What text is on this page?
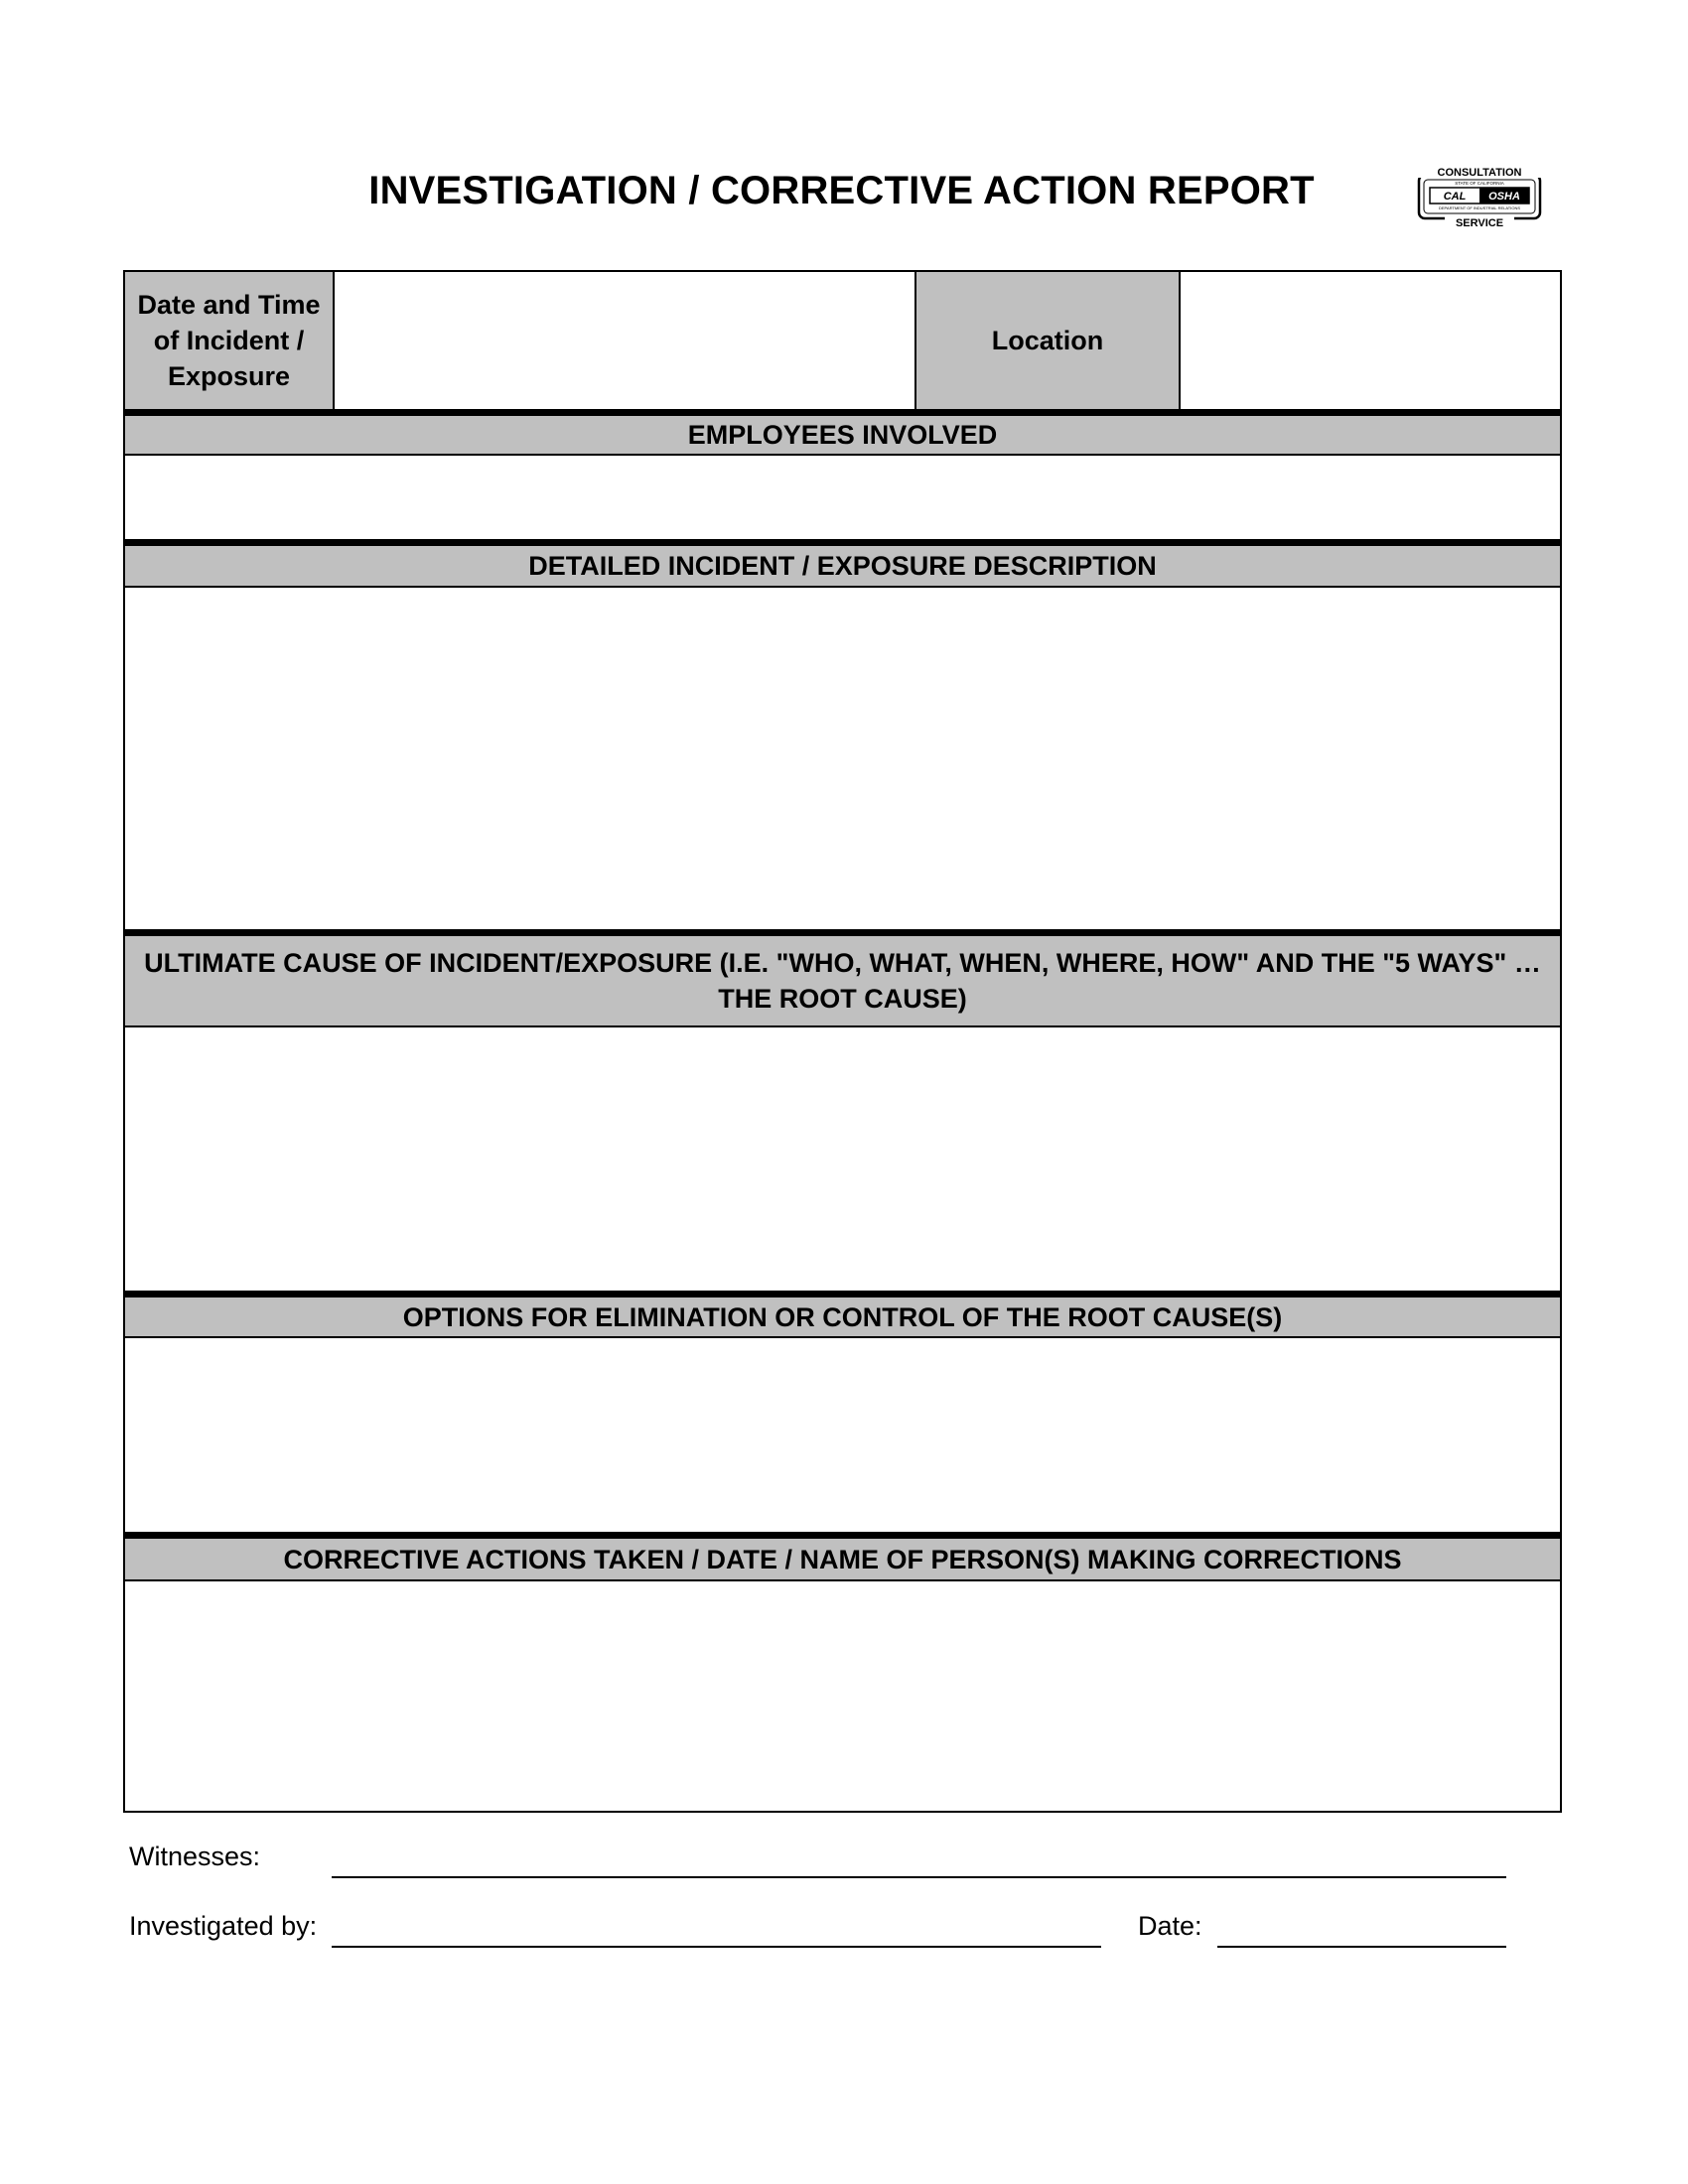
INVESTIGATION / CORRECTIVE ACTION REPORT	CONSULTATION
STATE OF CALIFORNIA
CAL OSHA
DEPARTMENT OF INDUSTRIAL RELATIONS
SERVICE
Date and Time of Incident / Exposure
Location
EMPLOYEES INVOLVED
DETAILED INCIDENT / EXPOSURE DESCRIPTION
ULTIMATE CAUSE OF INCIDENT/EXPOSURE (I.E. "WHO, WHAT, WHEN, WHERE, HOW" AND THE "5 WAYS" … THE ROOT CAUSE)
OPTIONS FOR ELIMINATION OR CONTROL OF THE ROOT CAUSE(S)
CORRECTIVE ACTIONS TAKEN / DATE / NAME OF PERSON(S) MAKING CORRECTIONS
Witnesses:
Investigated by:	Date:
